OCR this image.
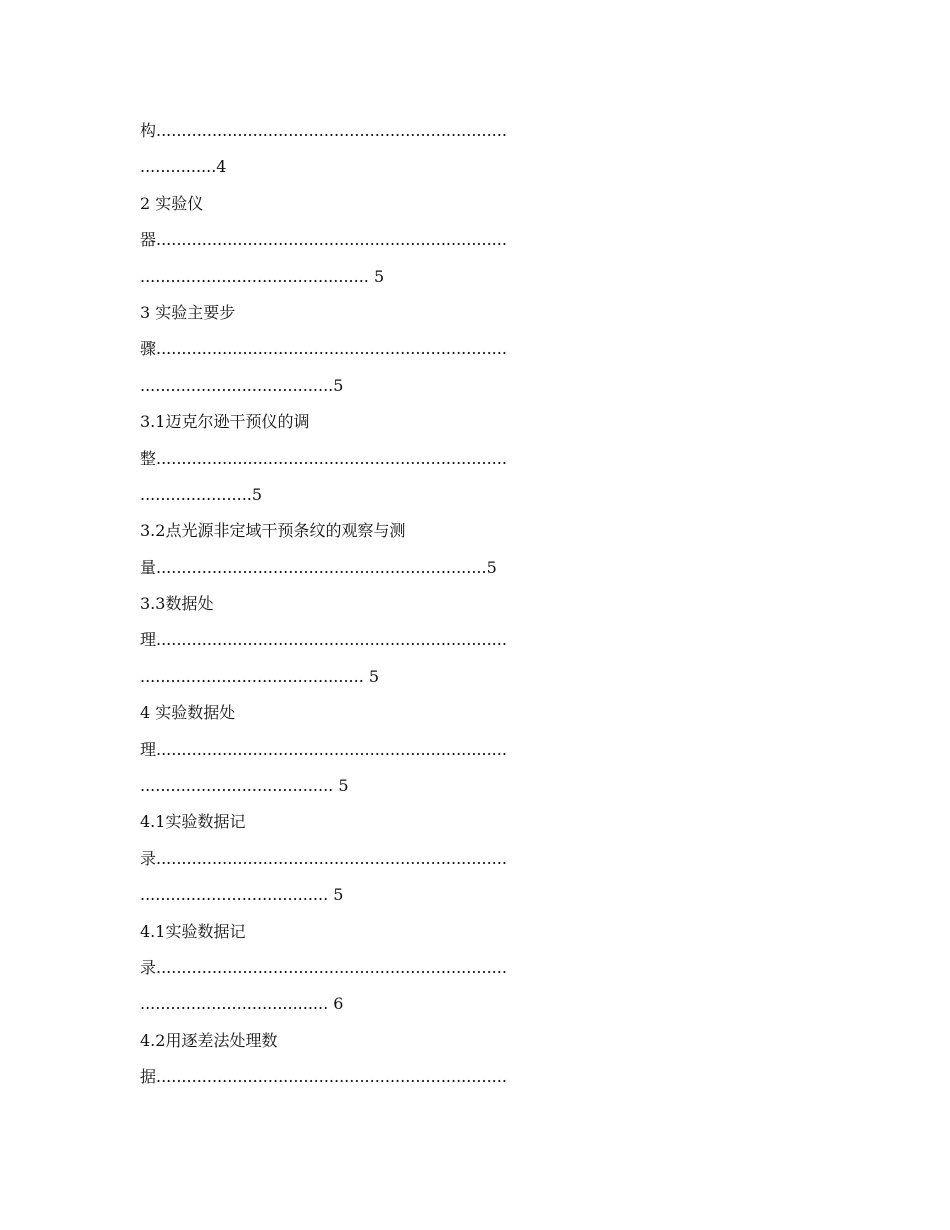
构.....................................................................
...............4
2 实验仪
器.....................................................................
............................................. 5
3 实验主要步
骤.....................................................................
......................................5
3.1迈克尔逊干预仪的调
整.....................................................................
......................5
3.2点光源非定域干预条纹的观察与测
量.................................................................5
3.3数据处
理.....................................................................
............................................ 5
4 实验数据处
理.....................................................................
...................................... 5
4.1实验数据记
录.....................................................................
..................................... 5
4.1实验数据记
录.....................................................................
..................................... 6
4.2用逐差法处理数
据.....................................................................
